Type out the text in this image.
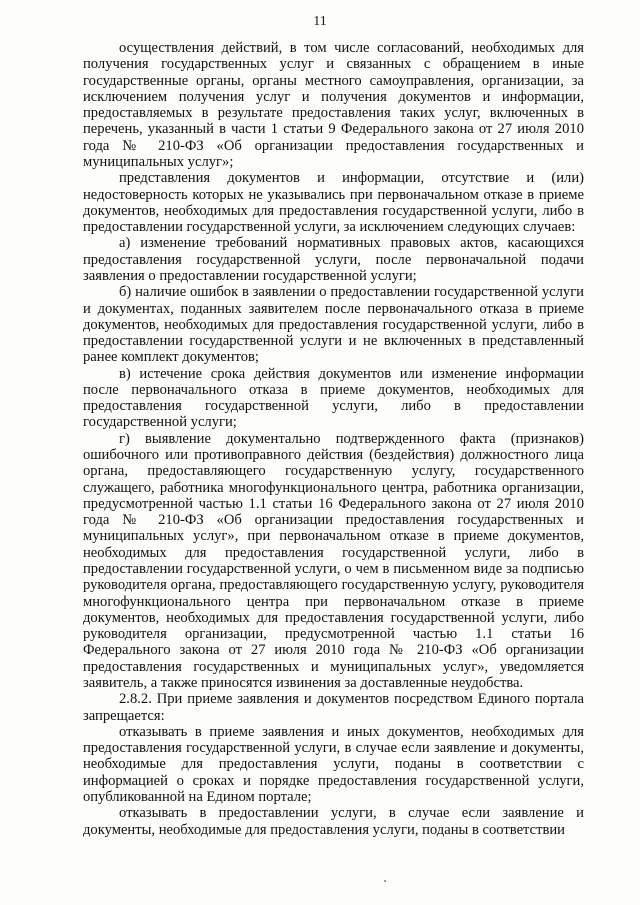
11

осуществления действий, в том числе согласований, необходимых для получения государственных услуг и связанных с обращением в иные государственные органы, органы местного самоуправления, организации, за исключением получения услуг и получения документов и информации, предоставляемых в результате предоставления таких услуг, включенных в перечень, указанный в части 1 статьи 9 Федерального закона от 27 июля 2010 года № 210-ФЗ «Об организации предоставления государственных и муниципальных услуг»;

представления документов и информации, отсутствие и (или) недостоверность которых не указывались при первоначальном отказе в приеме документов, необходимых для предоставления государственной услуги, либо в предоставлении государственной услуги, за исключением следующих случаев:

а) изменение требований нормативных правовых актов, касающихся предоставления государственной услуги, после первоначальной подачи заявления о предоставлении государственной услуги;

б) наличие ошибок в заявлении о предоставлении государственной услуги и документах, поданных заявителем после первоначального отказа в приеме документов, необходимых для предоставления государственной услуги, либо в предоставлении государственной услуги и не включенных в представленный ранее комплект документов;

в) истечение срока действия документов или изменение информации после первоначального отказа в приеме документов, необходимых для предоставления государственной услуги, либо в предоставлении государственной услуги;

г) выявление документально подтвержденного факта (признаков) ошибочного или противоправного действия (бездействия) должностного лица органа, предоставляющего государственную услугу, государственного служащего, работника многофункционального центра, работника организации, предусмотренной частью 1.1 статьи 16 Федерального закона от 27 июля 2010 года № 210-ФЗ «Об организации предоставления государственных и муниципальных услуг», при первоначальном отказе в приеме документов, необходимых для предоставления государственной услуги, либо в предоставлении государственной услуги, о чем в письменном виде за подписью руководителя органа, предоставляющего государственную услугу, руководителя многофункционального центра при первоначальном отказе в приеме документов, необходимых для предоставления государственной услуги, либо руководителя организации, предусмотренной частью 1.1 статьи 16 Федерального закона от 27 июля 2010 года № 210-ФЗ «Об организации предоставления государственных и муниципальных услуг», уведомляется заявитель, а также приносятся извинения за доставленные неудобства.

2.8.2. При приеме заявления и документов посредством Единого портала запрещается:

отказывать в приеме заявления и иных документов, необходимых для предоставления государственной услуги, в случае если заявление и документы, необходимые для предоставления услуги, поданы в соответствии с информацией о сроках и порядке предоставления государственной услуги, опубликованной на Едином портале;

отказывать в предоставлении услуги, в случае если заявление и документы, необходимые для предоставления услуги, поданы в соответствии
